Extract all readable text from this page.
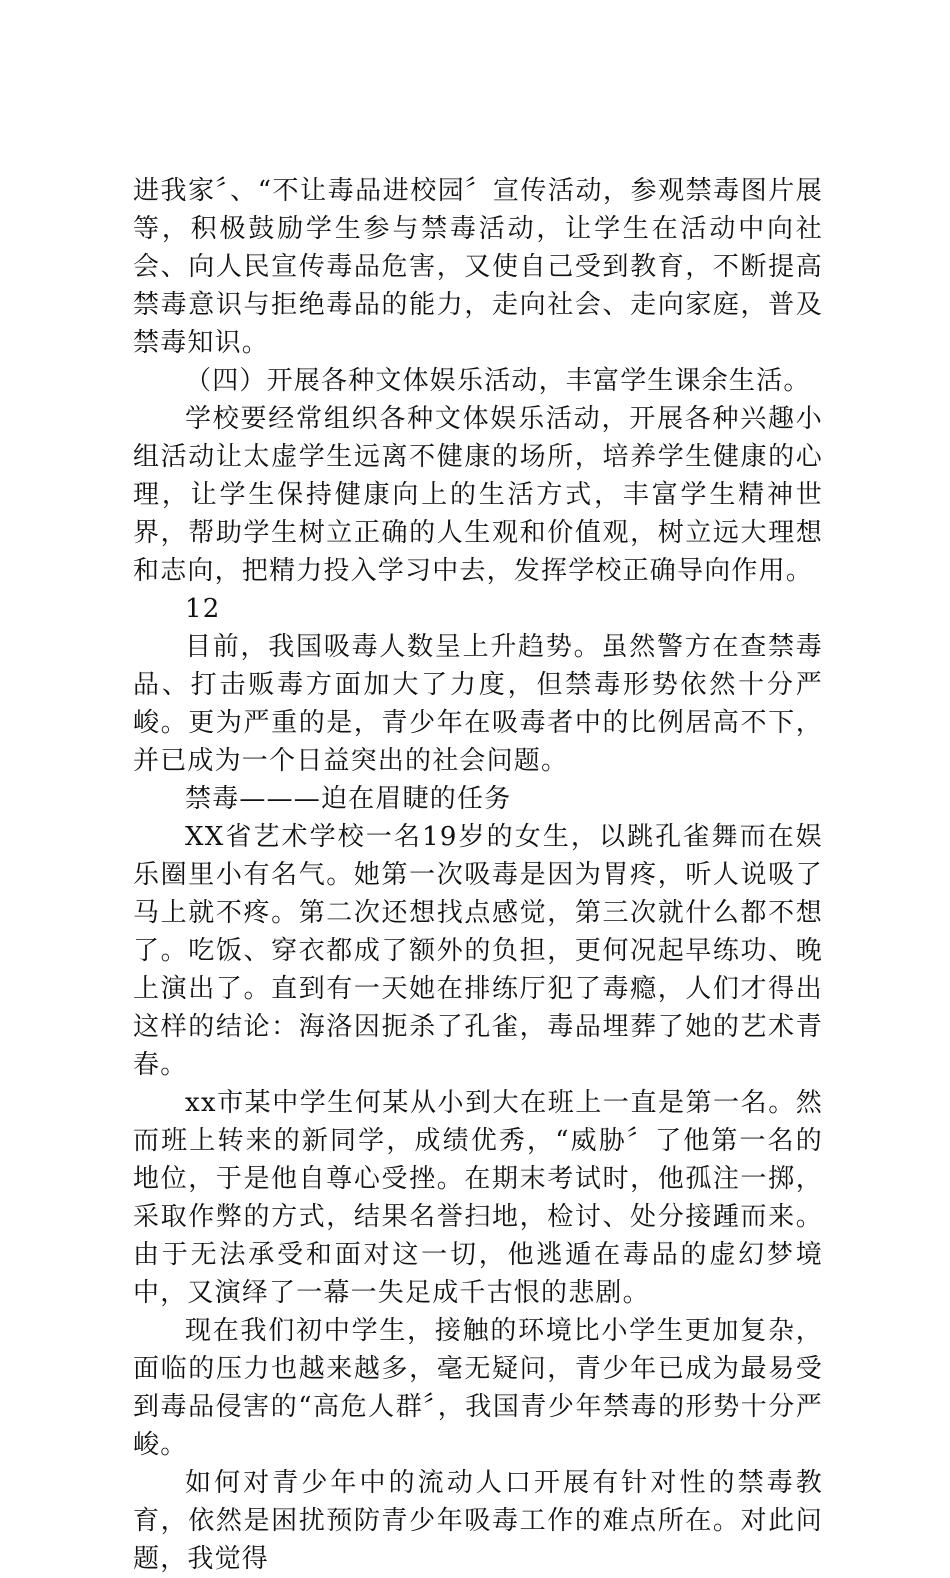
进我家〞、“不让毒品进校园〞宣传活动，参观禁毒图片展等，积极鼓励学生参与禁毒活动，让学生在活动中向社会、向人民宣传毒品危害，又使自己受到教育，不断提高禁毒意识与拒绝毒品的能力，走向社会、走向家庭，普及禁毒知识。

（四）开展各种文体娱乐活动，丰富学生课余生活。

学校要经常组织各种文体娱乐活动，开展各种兴趣小组活动让太虚学生远离不健康的场所，培养学生健康的心理，让学生保持健康向上的生活方式，丰富学生精神世界，帮助学生树立正确的人生观和价值观，树立远大理想和志向，把精力投入学习中去，发挥学校正确导向作用。

12

目前，我国吸毒人数呈上升趋势。虽然警方在查禁毒品、打击贩毒方面加大了力度，但禁毒形势依然十分严峻。更为严重的是，青少年在吸毒者中的比例居高不下，并已成为一个日益突出的社会问题。

禁毒———迫在眉睫的任务

XX省艺术学校一名19岁的女生，以跳孔雀舞而在娱乐圈里小有名气。她第一次吸毒是因为胃疼，听人说吸了马上就不疼。第二次还想找点感觉，第三次就什么都不想了。吃饭、穿衣都成了额外的负担，更何况起早练功、晚上演出了。直到有一天她在排练厅犯了毒瘾，人们才得出这样的结论：海洛因扼杀了孔雀，毒品埋葬了她的艺术青春。

xx市某中学生何某从小到大在班上一直是第一名。然而班上转来的新同学，成绩优秀，“威胁〞了他第一名的地位，于是他自尊心受挫。在期末考试时，他孤注一掷，采取作弊的方式，结果名誉扫地，检讨、处分接踵而来。由于无法承受和面对这一切，他逃遁在毒品的虚幻梦境中，又演绎了一幕一失足成千古恨的悲剧。

现在我们初中学生，接触的环境比小学生更加复杂，面临的压力也越来越多，毫无疑问，青少年已成为最易受到毒品侵害的“高危人群〞，我国青少年禁毒的形势十分严峻。

如何对青少年中的流动人口开展有针对性的禁毒教育，依然是困扰预防青少年吸毒工作的难点所在。对此问题，我觉得
